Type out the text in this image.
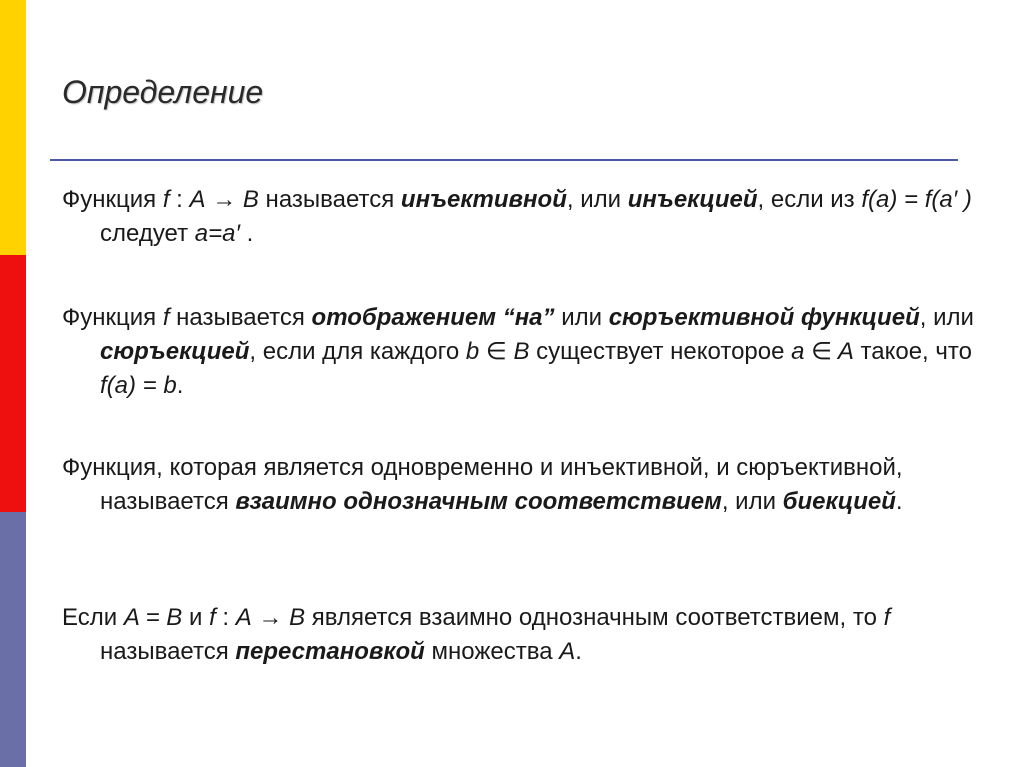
Определение
Функция f : A → B называется инъективной, или инъекцией, если из f(a) = f(a′ ) следует a=a′ .
Функция f называется отображением “на” или сюръективной функцией, или сюръекцией, если для каждого b ∈ B существует некоторое a ∈ A такое, что f(a) = b.
Функция, которая является одновременно и инъективной, и сюръективной, называется взаимно однозначным соответствием, или биекцией.
Если A = B и f : A → B является взаимно однозначным соответствием, то f называется перестановкой множества A.
